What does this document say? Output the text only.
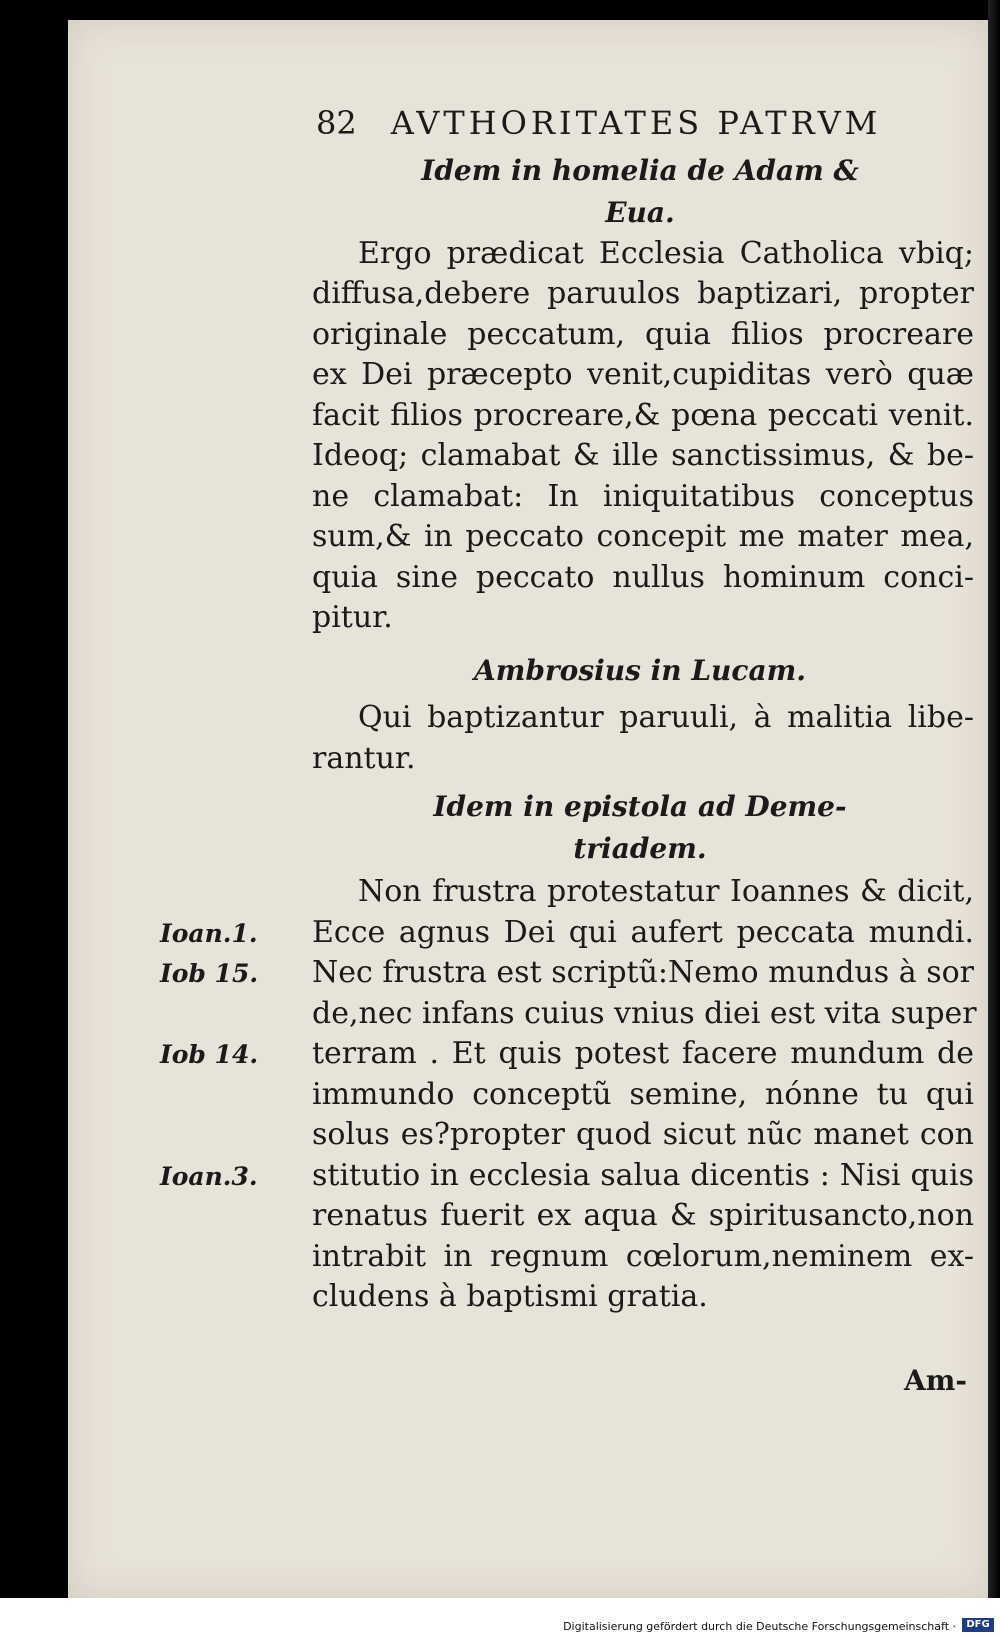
82 AVTHORITATES PATRVM
Idem in homelia de Adam &
Eua.
Ergo prædicat Ecclesia Catholica vbiq;
diffusa,debere paruulos baptizari, propter
originale peccatum, quia filios procreare
ex Dei præcepto venit,cupiditas verò quæ
facit filios procreare,& pœna peccati venit.
Ideoq; clamabat & ille sanctissimus, & be-
ne clamabat: In iniquitatibus conceptus
sum,& in peccato concepit me mater mea,
quia sine peccato nullus hominum conci-
pitur.
Ambrosius in Lucam.
Qui baptizantur paruuli, à malitia libe-
rantur.
Idem in epistola ad Deme-
triadem.
Non frustra protestatur Ioannes & dicit,
Ecce agnus Dei qui aufert peccata mundi.
Nec frustra est scriptũ:Nemo mundus à sor
de,nec infans cuius vnius diei est vita super
terram . Et quis potest facere mundum de
immundo conceptũ semine, nónne tu qui
solus es?propter quod sicut nũc manet con
stitutio in ecclesia salua dicentis : Nisi quis
renatus fuerit ex aqua & spiritusancto,non
intrabit in regnum cœlorum,neminem ex-
cludens à baptismi gratia.
Ioan.1.
Iob 15.
Iob 14.
Ioan.3.
Am-
Digitalisierung gefördert durch die Deutsche Forschungsgemeinschaft ·	DFG
